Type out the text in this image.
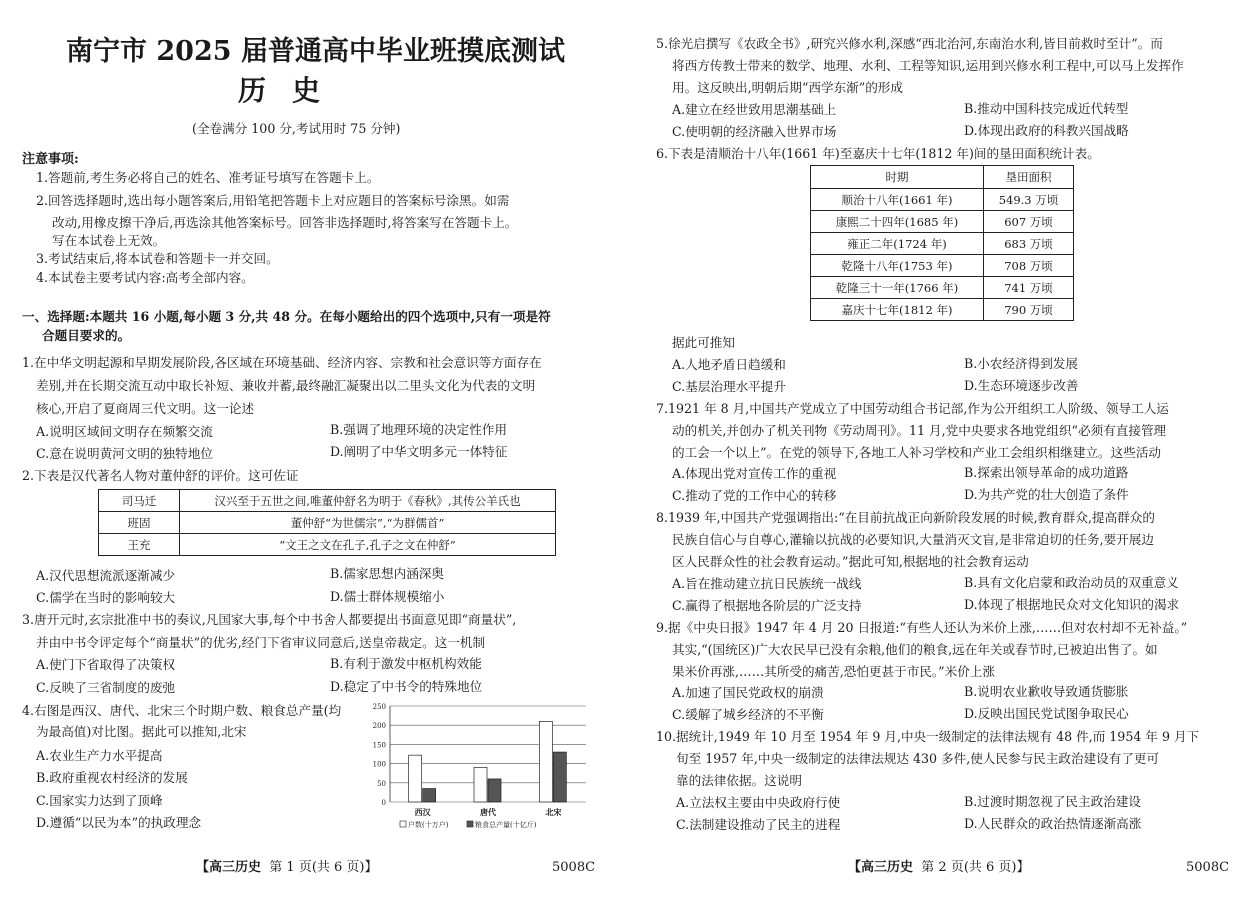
南宁市 2025 届普通高中毕业班摸底测试
历史
(全卷满分 100 分,考试用时 75 分钟)
注意事项:
1.答题前,考生务必将自己的姓名、准考证号填写在答题卡上。
2.回答选择题时,选出每小题答案后,用铅笔把答题卡上对应题目的答案标号涂黑。如需
改动,用橡皮擦干净后,再选涂其他答案标号。回答非选择题时,将答案写在答题卡上。
写在本试卷上无效。
3.考试结束后,将本试卷和答题卡一并交回。
4.本试卷主要考试内容:高考全部内容。
一、选择题:本题共 16 小题,每小题 3 分,共 48 分。在每小题给出的四个选项中,只有一项是符
合题目要求的。
1.在中华文明起源和早期发展阶段,各区域在环境基础、经济内容、宗教和社会意识等方面存在
差别,并在长期交流互动中取长补短、兼收并蓄,最终融汇凝聚出以二里头文化为代表的文明
核心,开启了夏商周三代文明。这一论述
A.说明区域间文明存在频繁交流	B.强调了地理环境的决定性作用
C.意在说明黄河文明的独特地位	D.阐明了中华文明多元一体特征
2.下表是汉代著名人物对董仲舒的评价。这可佐证
司马迁	汉兴至于五世之间,唯董仲舒名为明于《春秋》,其传公羊氏也
班固	董仲舒“为世儒宗”,“为群儒首”
王充	“文王之文在孔子,孔子之文在仲舒”
A.汉代思想流派逐渐减少	B.儒家思想内涵深奥
C.儒学在当时的影响较大	D.儒士群体规模缩小
3.唐开元时,玄宗批准中书的奏议,凡国家大事,每个中书舍人都要提出书面意见即“商量状”,
并由中书令评定每个“商量状”的优劣,经门下省审议同意后,送皇帝裁定。这一机制
A.使门下省取得了决策权	B.有利于激发中枢机构效能
C.反映了三省制度的废弛	D.稳定了中书令的特殊地位
4.右图是西汉、唐代、北宋三个时期户数、粮食总产量(均
为最高值)对比图。据此可以推知,北宋
A.农业生产力水平提高
B.政府重视农村经济的发展
C.国家实力达到了顶峰
D.遵循“以民为本”的执政理念
0
50
100
150
200
250
西汉	唐代	北宋
户数(十万户)	粮食总产量(十亿斤)
【高三历史 第 1 页(共 6 页)】	5008C
5.徐光启撰写《农政全书》,研究兴修水利,深感“西北治河,东南治水利,皆目前救时至计”。而
将西方传教士带来的数学、地理、水利、工程等知识,运用到兴修水利工程中,可以马上发挥作
用。这反映出,明朝后期“西学东渐”的形成
A.建立在经世致用思潮基础上	B.推动中国科技完成近代转型
C.使明朝的经济融入世界市场	D.体现出政府的科教兴国战略
6.下表是清顺治十八年(1661 年)至嘉庆十七年(1812 年)间的垦田面积统计表。
时期	垦田面积
顺治十八年(1661 年)	549.3 万顷
康熙二十四年(1685 年)	607 万顷
雍正二年(1724 年)	683 万顷
乾隆十八年(1753 年)	708 万顷
乾隆三十一年(1766 年)	741 万顷
嘉庆十七年(1812 年)	790 万顷
据此可推知
A.人地矛盾日趋缓和	B.小农经济得到发展
C.基层治理水平提升	D.生态环境逐步改善
7.1921 年 8 月,中国共产党成立了中国劳动组合书记部,作为公开组织工人阶级、领导工人运
动的机关,并创办了机关刊物《劳动周刊》。11 月,党中央要求各地党组织“必须有直接管理
的工会一个以上”。在党的领导下,各地工人补习学校和产业工会组织相继建立。这些活动
A.体现出党对宣传工作的重视	B.探索出领导革命的成功道路
C.推动了党的工作中心的转移	D.为共产党的壮大创造了条件
8.1939 年,中国共产党强调指出:“在目前抗战正向新阶段发展的时候,教育群众,提高群众的
民族自信心与自尊心,灌输以抗战的必要知识,大量消灭文盲,是非常迫切的任务,要开展边
区人民群众性的社会教育运动。”据此可知,根据地的社会教育运动
A.旨在推动建立抗日民族统一战线	B.具有文化启蒙和政治动员的双重意义
C.赢得了根据地各阶层的广泛支持	D.体现了根据地民众对文化知识的渴求
9.据《中央日报》1947 年 4 月 20 日报道:“有些人还认为米价上涨,……但对农村却不无补益。”
其实,“(国统区)广大农民早已没有余粮,他们的粮食,远在年关或春节时,已被迫出售了。如
果米价再涨,……其所受的痛苦,恐怕更甚于市民。”米价上涨
A.加速了国民党政权的崩溃	B.说明农业歉收导致通货膨胀
C.缓解了城乡经济的不平衡	D.反映出国民党试图争取民心
10.据统计,1949 年 10 月至 1954 年 9 月,中央一级制定的法律法规有 48 件,而 1954 年 9 月下
旬至 1957 年,中央一级制定的法律法规达 430 多件,使人民参与民主政治建设有了更可
靠的法律依据。这说明
A.立法权主要由中央政府行使	B.过渡时期忽视了民主政治建设
C.法制建设推动了民主的进程	D.人民群众的政治热情逐渐高涨
【高三历史 第 2 页(共 6 页)】	5008C
